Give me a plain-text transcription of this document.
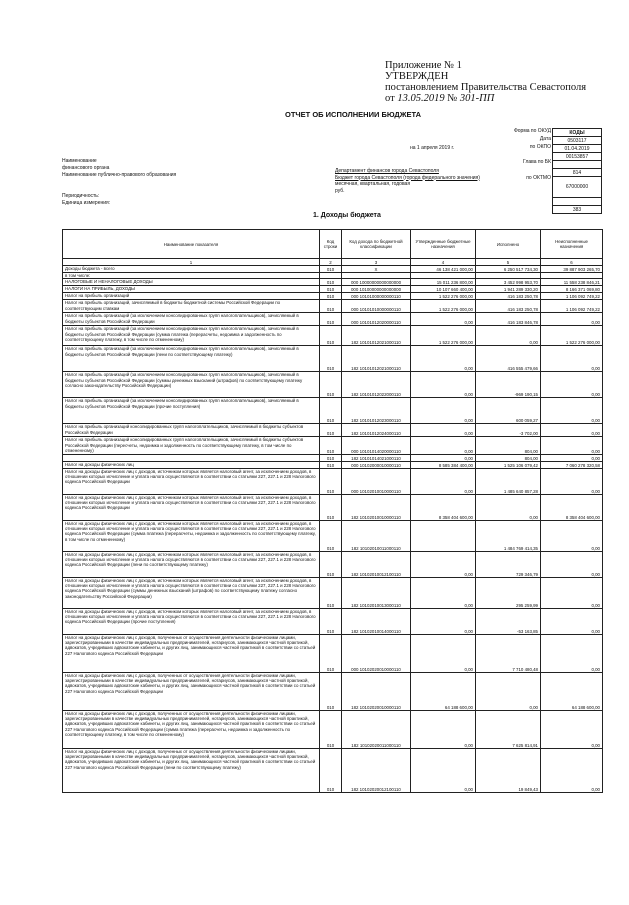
Приложение № 1
УТВЕРЖДЕН
постановлением Правительства Севастополя
от 13.05.2019 № 301-ПП
ОТЧЕТ ОБ ИСПОЛНЕНИИ БЮДЖЕТА
Форма по ОКУД
Дата
по ОКПО

Глава по БК

по ОКТМО
КОДЫ
0503117
01.04.2019
00153857

814
67000000

383
на 1 апреля 2019 г.
Наименование
финансового органа
Наименование публично-правового образования

Периодичность:
Единица измерения:
Департамент финансов города Севастополя
Бюджет города Севастополя (города федерального значения)
месячная, квартальная, годовая
руб.
1. Доходы бюджета
Наименование показателя	Код строки	Код дохода по бюджетной классификации	Утвержденные бюджетные назначения	Исполнено	Неисполненные назначения
1	2	3	4	5	6
Доходы бюджета - всего	010	X	46 138 421 000,00	6 250 517 734,30	39 887 903 265,70
в том числе:					
НАЛОГОВЫЕ И НЕНАЛОГОВЫЕ ДОХОДЫ	010	000 10000000000000000	15 011 236 800,00	3 452 998 953,70	11 558 238 846,21
НАЛОГИ НА ПРИБЫЛЬ, ДОХОДЫ	010	000 10100000000000000	10 107 660 400,00	1 941 289 330,20	8 166 371 069,80
Налог на прибыль организаций	010	000 10101000000000110	1 522 276 000,00	416 183 250,78	1 106 092 749,22
Налог на прибыль организаций, зачисляемый в бюджеты бюджетной системы Российской Федерации по соответствующим ставкам	010	000 10101010000000110	1 522 276 000,00	416 183 250,78	1 106 092 749,22
Налог на прибыль организаций (за исключением консолидированных групп налогоплательщиков), зачисляемый в бюджеты субъектов Российской Федерации	010	000 10101012020000110	0,00	416 183 846,78	0,00
Налог на прибыль организаций (за исключением консолидированных групп налогоплательщиков), зачисляемый в бюджеты субъектов Российской Федерации (сумма платежа (перерасчеты, недоимка и задолженность по соответствующему платежу, в том числе по отмененному)	010	182 10101012021000110	1 522 276 000,00	0,00	1 522 276 000,00
Налог на прибыль организаций (за исключением консолидированных групп налогоплательщиков), зачисляемый в бюджеты субъектов Российской Федерации (пени по соответствующему платежу)	010	182 10101012021000110	0,00	416 555 479,66	0,00
Налог на прибыль организаций (за исключением консолидированных групп налогоплательщиков), зачисляемый в бюджеты субъектов Российской Федерации (суммы денежных взысканий (штрафов) по соответствующему платежу согласно законодательству Российской Федерации)	010	182 10101012022000110	0,00	-969 190,15	0,00
Налог на прибыль организаций (за исключением консолидированных групп налогоплательщиков), зачисляемый в бюджеты субъектов Российской Федерации (прочие поступления)	010	182 10101012023000110	0,00	600 059,27	0,00
Налог на прибыль организаций консолидированных групп налогоплательщиков, зачисляемый в бюджеты субъектов Российской Федерации	010	182 10101012024000110	0,00	-3 702,00	0,00
Налог на прибыль организаций консолидированных групп налогоплательщиков, зачисляемый в бюджеты субъектов Российской Федерации (пересчеты, недоимка и задолженность по соответствующему платежу, в том числе по отмененному)	010	000 10101014020000110	0,00	804,00	0,00
	010	182 10101014021000110	0,00	804,00	0,00
Налог на доходы физических лиц	010	000 10102000010000110	8 585 384 400,00	1 525 106 079,42	7 060 278 320,58
Налог на доходы физических лиц с доходов, источником которых является налоговый агент, за исключением доходов, в отношении которых исчисление и уплата налога осуществляются в соответствии со статьями 227, 227.1 и 228 Налогового кодекса Российской Федерации	010	000 10102010010000110	0,00	1 485 640 857,28	0,00
Налог на доходы физических лиц с доходов, источником которых является налоговый агент, за исключением доходов, в отношении которых исчисление и уплата налога осуществляются в соответствии со статьями 227, 227.1 и 228 Налогового кодекса Российской Федерации	010	182 10102010010000110	8 358 404 600,00	0,00	8 358 404 600,00
Налог на доходы физических лиц с доходов, источником которых является налоговый агент, за исключением доходов, в отношении которых исчисление и уплата налога осуществляются в соответствии со статьями 227, 227.1 и 228 Налогового кодекса Российской Федерации (сумма платежа (перерасчеты, недоимка и задолженность по соответствующему платежу, в том числе по отмененному)	010	182 10102010011000110		1 484 769 414,35	0,00
Налог на доходы физических лиц с доходов, источником которых является налоговый агент, за исключением доходов, в отношении которых исчисление и уплата налога осуществляются в соответствии со статьями 227, 227.1 и 228 Налогового кодекса Российской Федерации (пени по соответствующему платежу)	010	182 10102010012100110	0,00	729 346,79	0,00
Налог на доходы физических лиц с доходов, источником которых является налоговый агент, за исключением доходов, в отношении которых исчисление и уплата налога осуществляются в соответствии со статьями 227, 227.1 и 228 Налогового кодекса Российской Федерации (суммы денежных взысканий (штрафов) по соответствующему платежу согласно законодательству Российской Федерации)	010	182 10102010013000110	0,00	295 259,99	0,00
Налог на доходы физических лиц с доходов, источником которых является налоговый агент, за исключением доходов, в отношении которых исчисление и уплата налога осуществляются в соответствии со статьями 227, 227.1 и 228 Налогового кодекса Российской Федерации (прочие поступления)	010	182 10102010014000110	0,00	-53 163,85	0,00
Налог на доходы физических лиц с доходов, полученных от осуществления деятельности физическими лицами, зарегистрированными в качестве индивидуальных предпринимателей, нотариусов, занимающихся частной практикой, адвокатов, учредивших адвокатские кабинеты, и других лиц, занимающихся частной практикой в соответствии со статьей 227 Налогового кодекса Российской Федерации	010	000 10102020010000110	0,00	7 710 480,48	0,00
Налог на доходы физических лиц с доходов, полученных от осуществления деятельности физическими лицами, зарегистрированными в качестве индивидуальных предпринимателей, нотариусов, занимающихся частной практикой, адвокатов, учредивших адвокатские кабинеты, и других лиц, занимающихся частной практикой в соответствии со статьей 227 Налогового кодекса Российской Федерации	010	182 10102020010000110	64 188 600,00	0,00	64 188 600,00
Налог на доходы физических лиц с доходов, полученных от осуществления деятельности физическими лицами, зарегистрированными в качестве индивидуальных предпринимателей, нотариусов, занимающихся частной практикой, адвокатов, учредивших адвокатские кабинеты, и других лиц, занимающихся частной практикой в соответствии со статьей 227 Налогового кодекса Российской Федерации (сумма платежа (перерасчеты, недоимка и задолженность по соответствующему платежу, в том числе по отмененному)	010	182 10102020011000110	0,00	7 625 814,91	0,00
Налог на доходы физических лиц с доходов, полученных от осуществления деятельности физическими лицами, зарегистрированными в качестве индивидуальных предпринимателей, нотариусов, занимающихся частной практикой, адвокатов, учредивших адвокатские кабинеты, и других лиц, занимающихся частной практикой в соответствии со статьей 227 Налогового кодекса Российской Федерации (пени по соответствующему платежу)	010	182 10102020012100110	0,00	19 849,43	0,00
